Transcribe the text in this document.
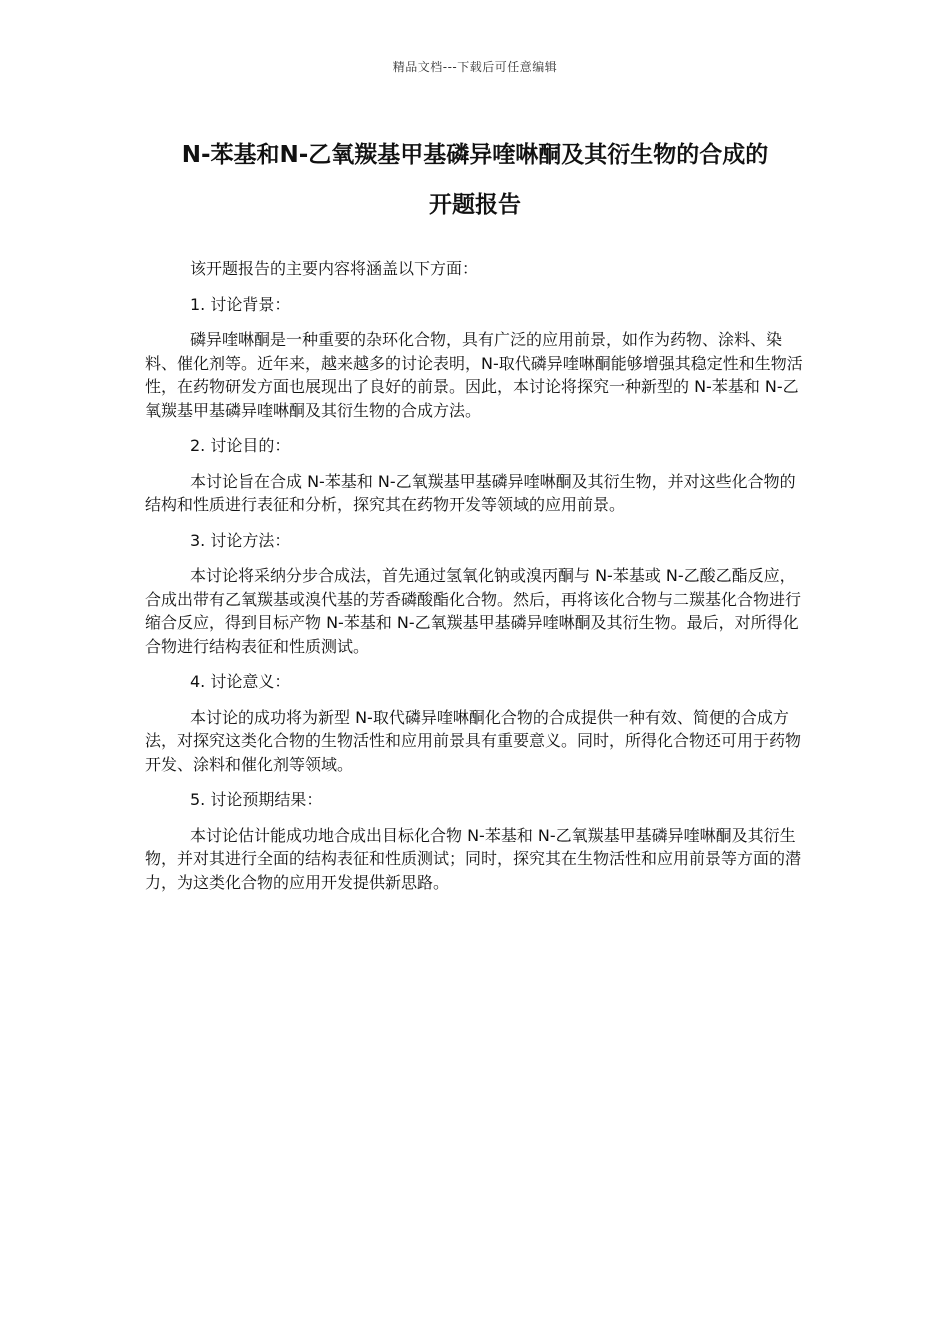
精品文档---下载后可任意编辑
N-苯基和N-乙氧羰基甲基磷异喹啉酮及其衍生物的合成的
开题报告

该开题报告的主要内容将涵盖以下方面：

1. 讨论背景：

磷异喹啉酮是一种重要的杂环化合物，具有广泛的应用前景，如作为药物、涂料、染料、催化剂等。近年来，越来越多的讨论表明，N-取代磷异喹啉酮能够增强其稳定性和生物活性，在药物研发方面也展现出了良好的前景。因此，本讨论将探究一种新型的 N-苯基和 N-乙氧羰基甲基磷异喹啉酮及其衍生物的合成方法。

2. 讨论目的：

本讨论旨在合成 N-苯基和 N-乙氧羰基甲基磷异喹啉酮及其衍生物，并对这些化合物的结构和性质进行表征和分析，探究其在药物开发等领域的应用前景。

3. 讨论方法：

本讨论将采纳分步合成法，首先通过氢氧化钠或溴丙酮与 N-苯基或 N-乙酸乙酯反应，合成出带有乙氧羰基或溴代基的芳香磷酸酯化合物。然后，再将该化合物与二羰基化合物进行缩合反应，得到目标产物 N-苯基和 N-乙氧羰基甲基磷异喹啉酮及其衍生物。最后，对所得化合物进行结构表征和性质测试。

4. 讨论意义：

本讨论的成功将为新型 N-取代磷异喹啉酮化合物的合成提供一种有效、简便的合成方法，对探究这类化合物的生物活性和应用前景具有重要意义。同时，所得化合物还可用于药物开发、涂料和催化剂等领域。

5. 讨论预期结果：

本讨论估计能成功地合成出目标化合物 N-苯基和 N-乙氧羰基甲基磷异喹啉酮及其衍生物，并对其进行全面的结构表征和性质测试；同时，探究其在生物活性和应用前景等方面的潜力，为这类化合物的应用开发提供新思路。
